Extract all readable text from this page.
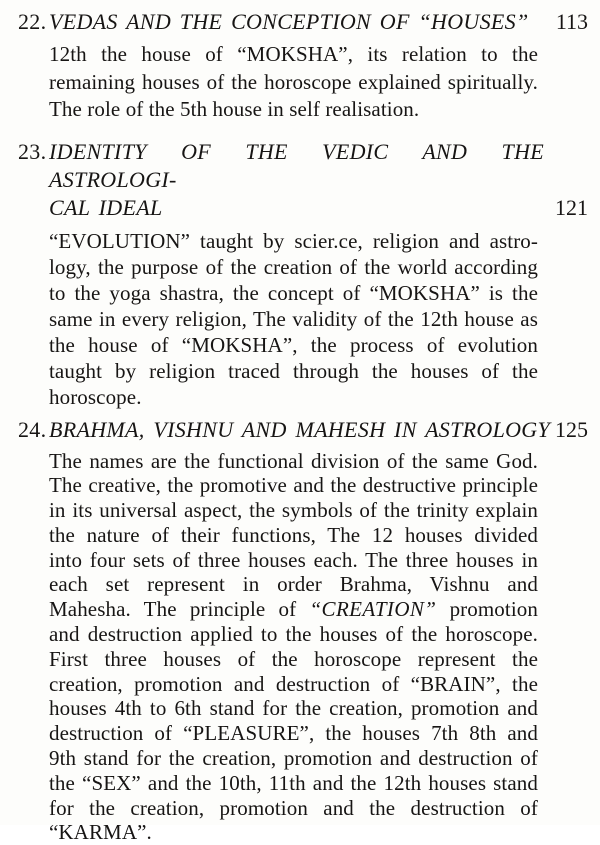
22. VEDAS AND THE CONCEPTION OF “HOUSES”	113
12th the house of “MOKSHA”, its relation to the
remaining houses of the horoscope explained spiritually.
The role of the 5th house in self realisation.
23. IDENTITY OF THE VEDIC AND THE ASTROLOGI-
CAL IDEAL	121
“EVOLUTION” taught by scier.ce, religion and astro-
logy, the purpose of the creation of the world according
to the yoga shastra, the concept of “MOKSHA” is the
same in every religion, The validity of the 12th house as
the house of “MOKSHA”, the process of evolution
taught by religion traced through the houses of the
horoscope.
24. BRAHMA, VISHNU AND MAHESH IN ASTROLOGY 125
The names are the functional division of the same God.
The creative, the promotive and the destructive principle
in its universal aspect, the symbols of the trinity explain
the nature of their functions, The 12 houses divided
into four sets of three houses each. The three houses in
each set represent in order Brahma, Vishnu and
Mahesha. The principle of “CREATION” promotion
and destruction applied to the houses of the horoscope.
First three houses of the horoscope represent the
creation, promotion and destruction of “BRAIN”, the
houses 4th to 6th stand for the creation, promotion and
destruction of “PLEASURE”, the houses 7th 8th and
9th stand for the creation, promotion and destruction of
the “SEX” and the 10th, 11th and the 12th houses stand
for the creation, promotion and the destruction of
“KARMA”.
